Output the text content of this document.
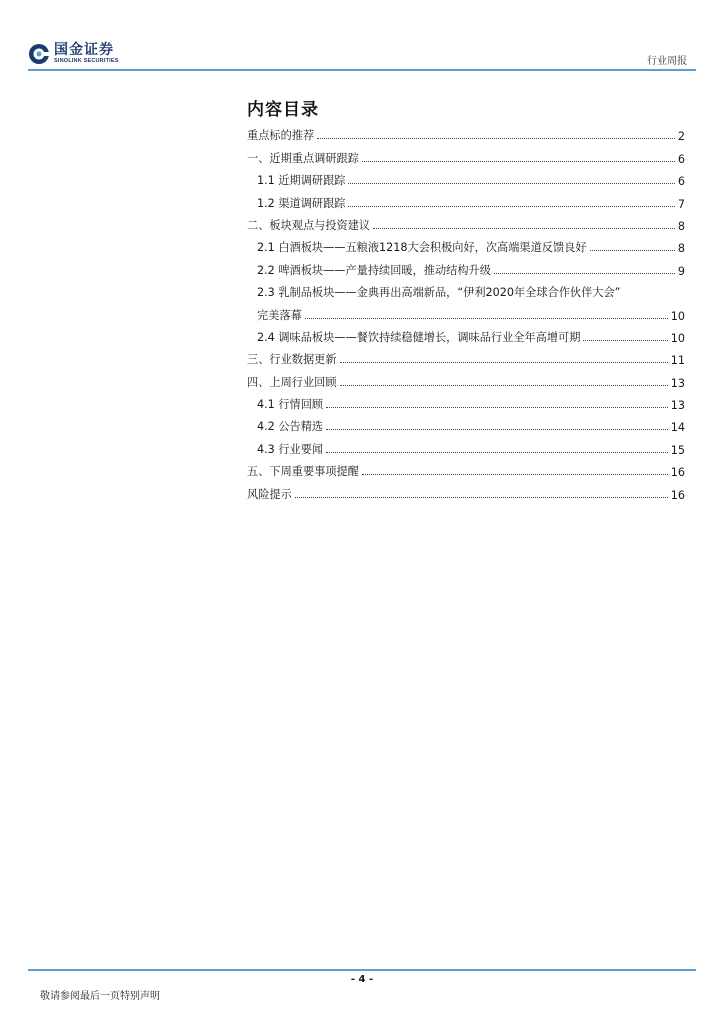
国金证券
SINOLINK SECURITIES	行业周报
内容目录
重点标的推荐	2
一、近期重点调研跟踪	6
1.1 近期调研跟踪	6
1.2 渠道调研跟踪	7
二、板块观点与投资建议	8
2.1 白酒板块——五粮液1218大会积极向好，次高端渠道反馈良好	8
2.2 啤酒板块——产量持续回暖，推动结构升级	9
2.3 乳制品板块——金典再出高端新品，“伊利2020年全球合作伙伴大会”
完美落幕	10
2.4 调味品板块——餐饮持续稳健增长，调味品行业全年高增可期	10
三、行业数据更新	11
四、上周行业回顾	13
4.1 行情回顾	13
4.2 公告精选	14
4.3 行业要闻	15
五、下周重要事项提醒	16
风险提示	16
- 4 -
敬请参阅最后一页特别声明
